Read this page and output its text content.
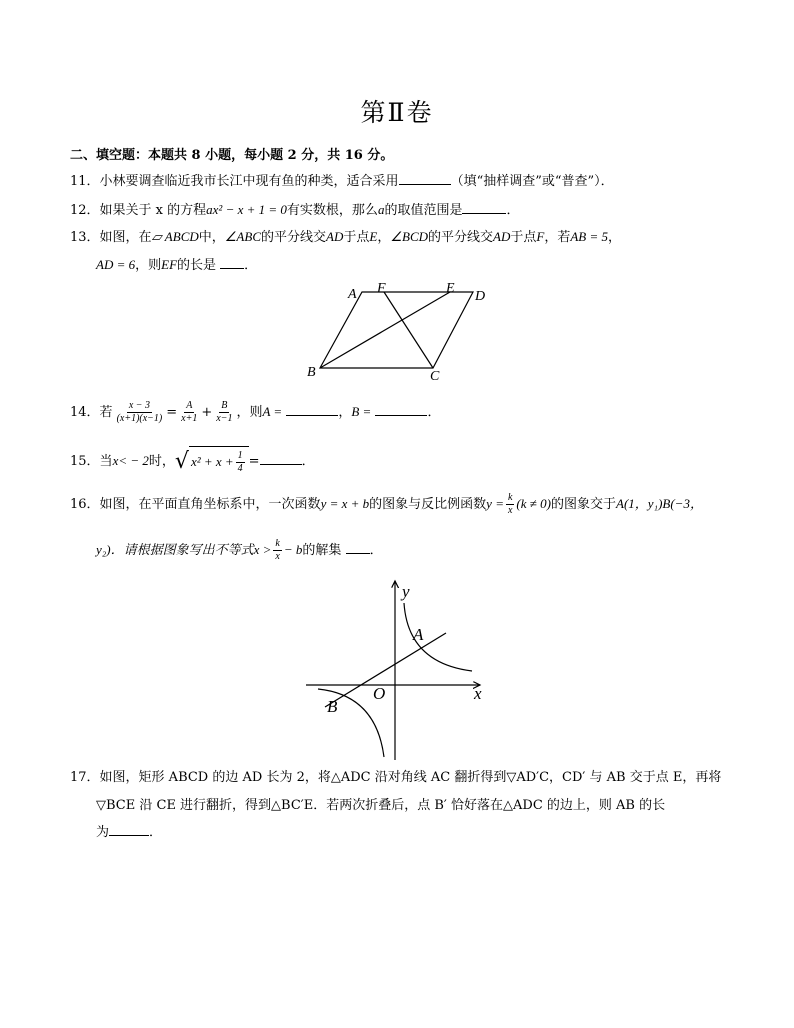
第Ⅱ卷
二、填空题：本题共 8 小题，每小题 2 分，共 16 分。
11．小林要调查临近我市长江中现有鱼的种类，适合采用	（填“抽样调查”或“普查”）．
12．如果关于 x 的方程ax² − x + 1 = 0有实数根，那么a的取值范围是	．
13．如图，在▱ ABCD中，∠ABC的平分线交AD于点E，∠BCD的平分线交AD于点F，若AB = 5，
AD = 6，则EF的长是 ．
A F	E
D
B	C
14．若 $\frac{x - 3}{(x+1)(x-1)} = \frac{A}{x+1} + \frac{B}{x-1}$ ，则A =	，B =	．
15．当x< − 2时， √ $x^2 + x + \frac{1}{4}$ =	．
16．如图，在平面直角坐标系中，一次函数y = x + b的图象与反比例函数$y = \frac{k}{x} (k \ne 0)$的图象交于A(1，y₁)B(−3，
y₂)．请根据图象写出不等式$x > \frac{k}{x} - b$的解集 ．
y
x
O
A
B
17．如图，矩形 ABCD 的边 AD 长为 2，将△ADC 沿对角线 AC 翻折得到▽AD′C，CD′ 与 AB 交于点 E，再将
▽BCE 沿 CE 进行翻折，得到△BC′E．若两次折叠后，点 B′ 恰好落在△ADC 的边上，则 AB 的长
为	．
